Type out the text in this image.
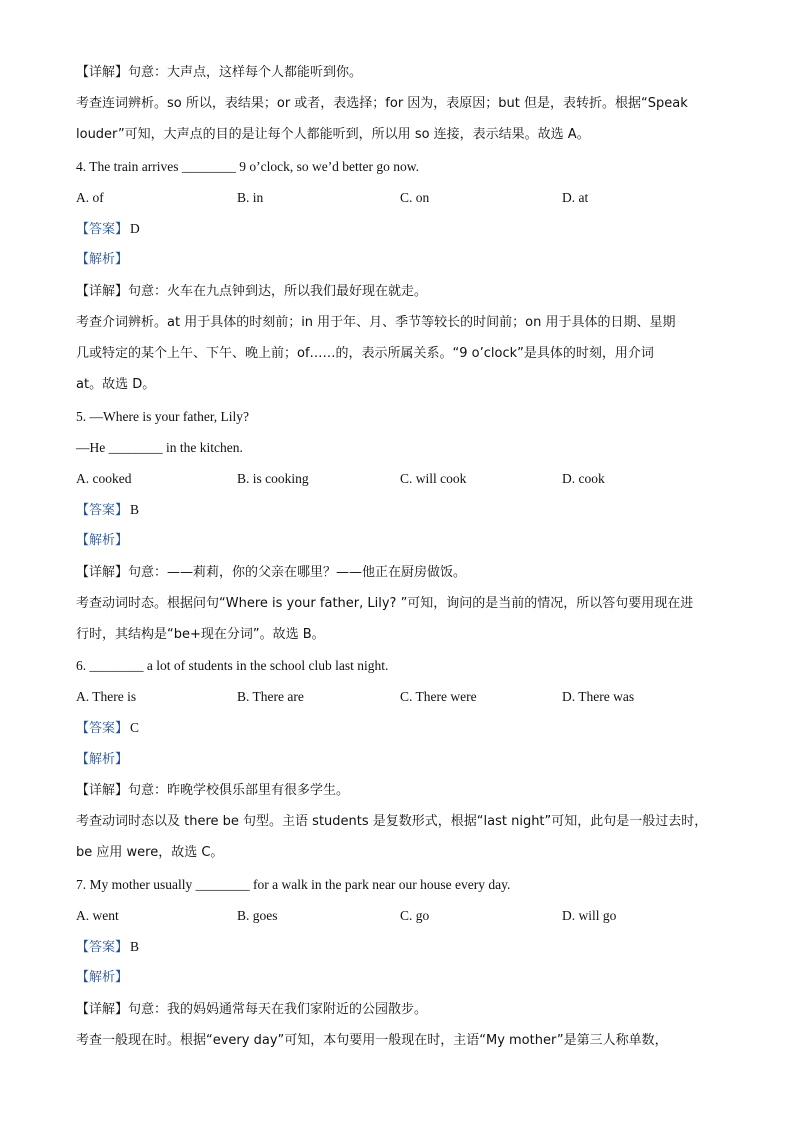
【详解】句意：大声点，这样每个人都能听到你。
考查连词辨析。so 所以，表结果；or 或者，表选择；for 因为，表原因；but 但是，表转折。根据“Speak
louder”可知，大声点的目的是让每个人都能听到，所以用 so 连接，表示结果。故选 A。
4. The train arrives ________ 9 o’clock, so we’d better go now.
A. of	B. in	C. on	D. at
【答案】 D
【解析】
【详解】句意：火车在九点钟到达，所以我们最好现在就走。
考查介词辨析。at 用于具体的时刻前；in 用于年、月、季节等较长的时间前；on 用于具体的日期、星期
几或特定的某个上午、下午、晚上前；of……的，表示所属关系。“9 o’clock”是具体的时刻，用介词
at。故选 D。
5. —Where is your father, Lily?
—He ________ in the kitchen.
A. cooked	B. is cooking	C. will cook	D. cook
【答案】 B
【解析】
【详解】句意：——莉莉，你的父亲在哪里？——他正在厨房做饭。
考查动词时态。根据问句“Where is your father, Lily? ”可知，询问的是当前的情况，所以答句要用现在进
行时，其结构是“be+现在分词”。故选 B。
6. ________ a lot of students in the school club last night.
A. There is	B. There are	C. There were	D. There was
【答案】 C
【解析】
【详解】句意：昨晚学校俱乐部里有很多学生。
考查动词时态以及 there be 句型。主语 students 是复数形式，根据“last night”可知，此句是一般过去时，
be 应用 were，故选 C。
7. My mother usually ________ for a walk in the park near our house every day.
A. went	B. goes	C. go	D. will go
【答案】 B
【解析】
【详解】句意：我的妈妈通常每天在我们家附近的公园散步。
考查一般现在时。根据“every day”可知，本句要用一般现在时，主语“My mother”是第三人称单数，
